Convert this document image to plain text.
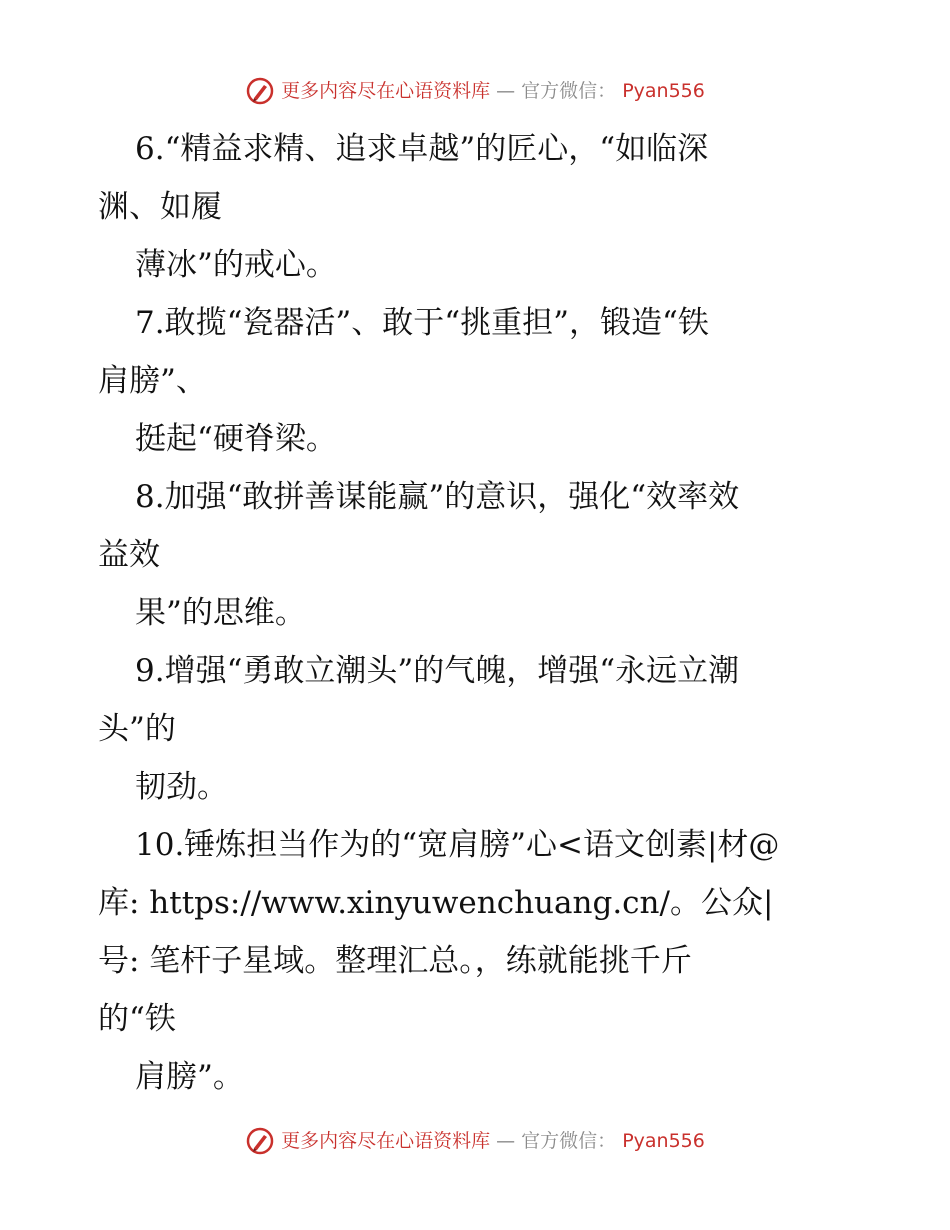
更多内容尽在心语资料库 — 官方微信： Pyan556
6.“精益求精、追求卓越”的匠心，“如临深
渊、如履
薄冰”的戒心。
7.敢揽“瓷器活”、敢于“挑重担”，锻造“铁
肩膀”、
挺起“硬脊梁。
8.加强“敢拼善谋能赢”的意识，强化“效率效
益效
果”的思维。
9.增强“勇敢立潮头”的气魄，增强“永远立潮
头”的
韧劲。
10.锤炼担当作为的“宽肩膀”心<语文创素|材@
库: https://www.xinyuwenchuang.cn/。公众|
号: 笔杆子星域。整理汇总。，练就能挑千斤
的“铁
肩膀”。
更多内容尽在心语资料库 — 官方微信： Pyan556
